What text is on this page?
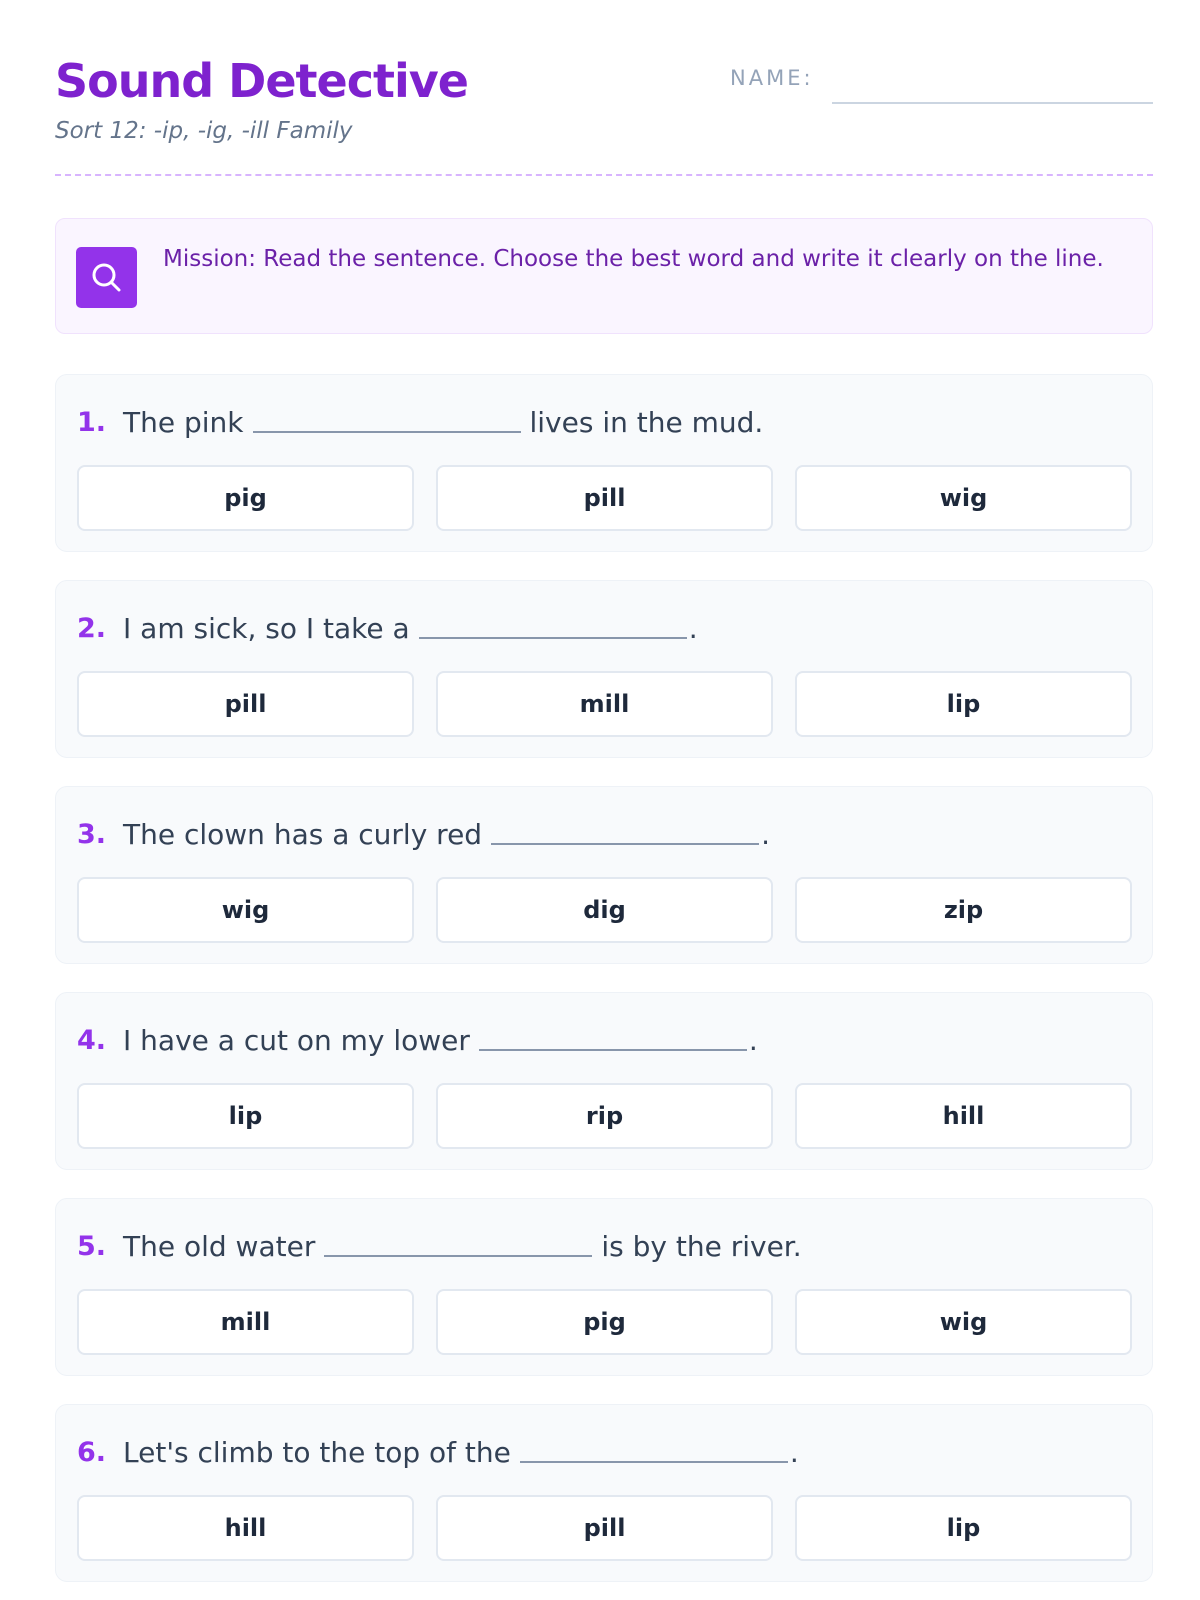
Sound Detective
Sort 12: -ip, -ig, -ill Family
NAME:
Mission: Read the sentence. Choose the best word and write it clearly on the line.
1. The pink	lives in the mud.
pig	pill	wig
2. I am sick, so I take a	.
pill	mill	lip
3. The clown has a curly red	.
wig	dig	zip
4. I have a cut on my lower	.
lip	rip	hill
5. The old water	is by the river.
mill	pig	wig
6. Let's climb to the top of the	.
hill	pill	lip
